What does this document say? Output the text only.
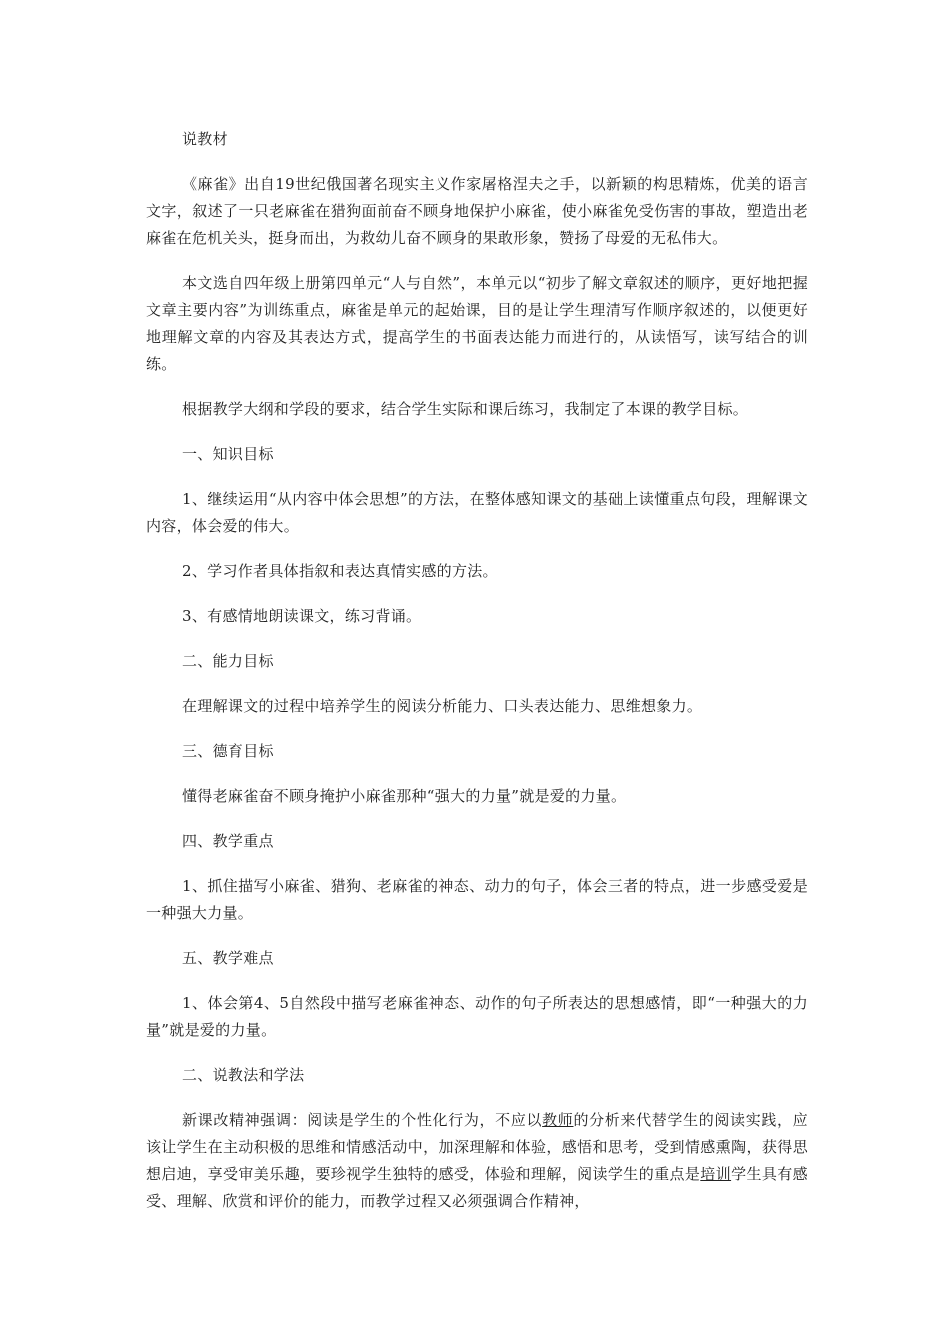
说教材

《麻雀》出自19世纪俄国著名现实主义作家屠格涅夫之手，以新颖的构思精炼，优美的语言文字，叙述了一只老麻雀在猎狗面前奋不顾身地保护小麻雀，使小麻雀免受伤害的事故，塑造出老麻雀在危机关头，挺身而出，为救幼儿奋不顾身的果敢形象，赞扬了母爱的无私伟大。

本文选自四年级上册第四单元“人与自然”，本单元以“初步了解文章叙述的顺序，更好地把握文章主要内容”为训练重点，麻雀是单元的起始课，目的是让学生理清写作顺序叙述的，以便更好地理解文章的内容及其表达方式，提高学生的书面表达能力而进行的，从读悟写，读写结合的训练。

根据教学大纲和学段的要求，结合学生实际和课后练习，我制定了本课的教学目标。

一、知识目标

1、继续运用“从内容中体会思想”的方法，在整体感知课文的基础上读懂重点句段，理解课文内容，体会爱的伟大。

2、学习作者具体指叙和表达真情实感的方法。

3、有感情地朗读课文，练习背诵。

二、能力目标

在理解课文的过程中培养学生的阅读分析能力、口头表达能力、思维想象力。

三、德育目标

懂得老麻雀奋不顾身掩护小麻雀那种“强大的力量”就是爱的力量。

四、教学重点

1、抓住描写小麻雀、猎狗、老麻雀的神态、动力的句子，体会三者的特点，进一步感受爱是一种强大力量。

五、教学难点

1、体会第4、5自然段中描写老麻雀神态、动作的句子所表达的思想感情，即“一种强大的力量”就是爱的力量。

二、说教法和学法

新课改精神强调：阅读是学生的个性化行为，不应以教师的分析来代替学生的阅读实践，应该让学生在主动积极的思维和情感活动中，加深理解和体验，感悟和思考，受到情感熏陶，获得思想启迪，享受审美乐趣，要珍视学生独特的感受，体验和理解，阅读学生的重点是培训学生具有感受、理解、欣赏和评价的能力，而教学过程又必须强调合作精神，
